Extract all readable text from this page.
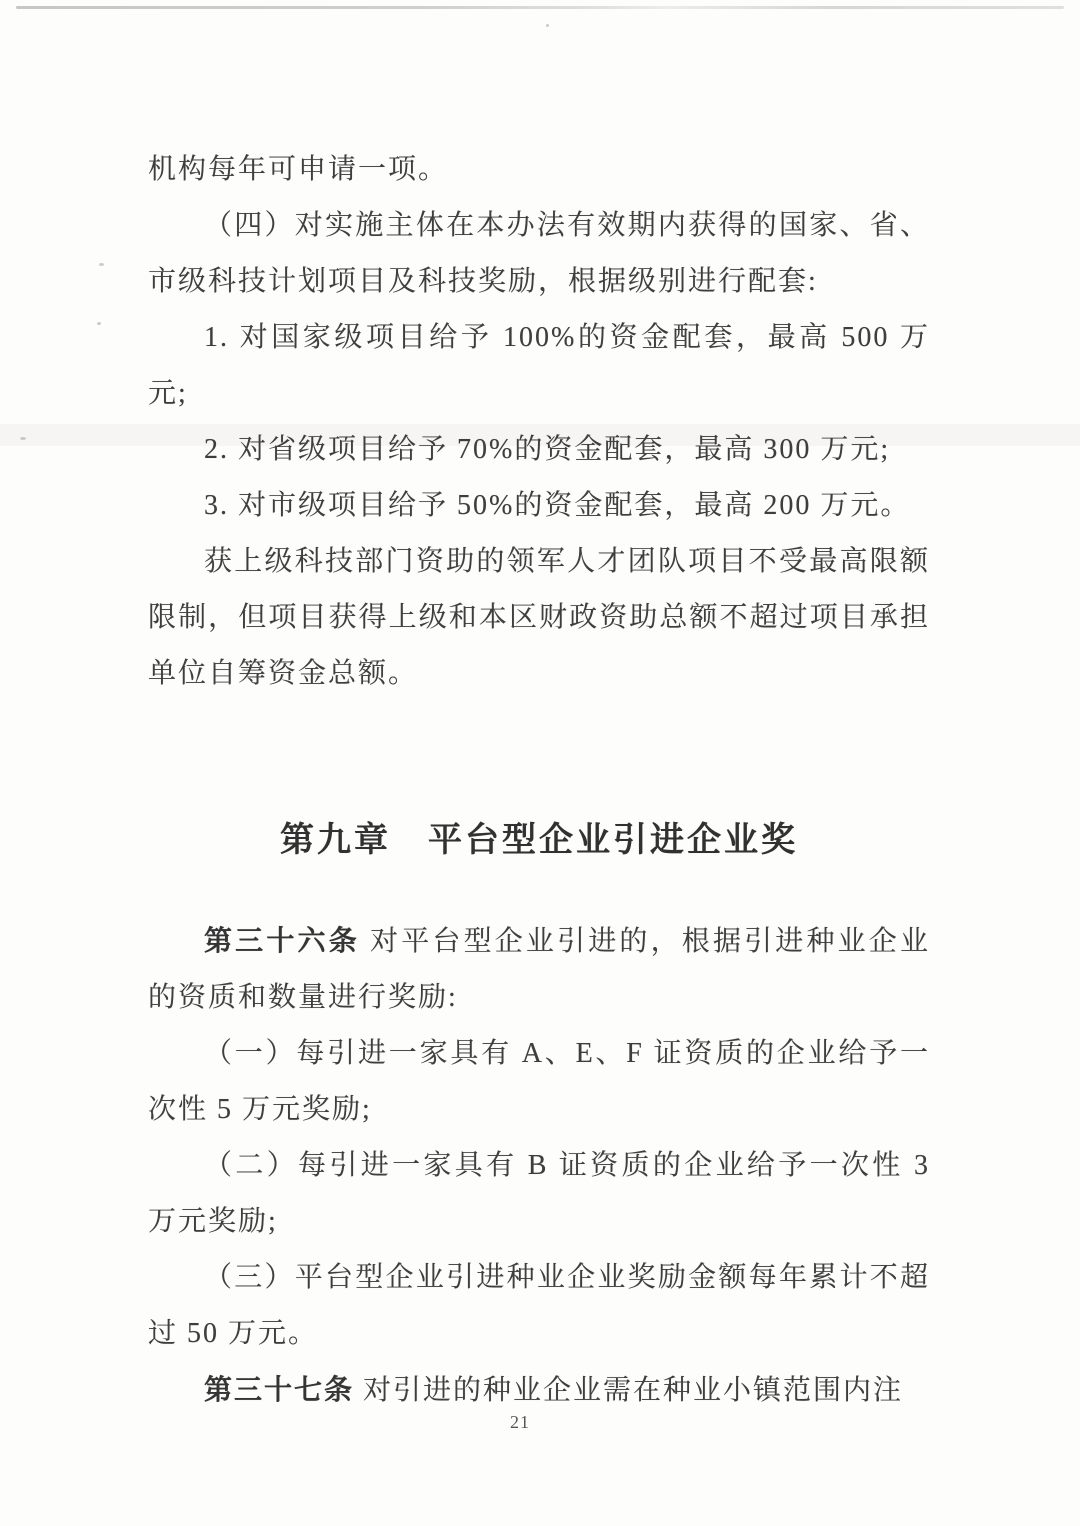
机构每年可申请一项。

（四）对实施主体在本办法有效期内获得的国家、省、市级科技计划项目及科技奖励，根据级别进行配套:

1. 对国家级项目给予 100%的资金配套，最高 500 万元;

2. 对省级项目给予 70%的资金配套，最高 300 万元;

3. 对市级项目给予 50%的资金配套，最高 200 万元。

获上级科技部门资助的领军人才团队项目不受最高限额限制，但项目获得上级和本区财政资助总额不超过项目承担单位自筹资金总额。

第九章　平台型企业引进企业奖

第三十六条 对平台型企业引进的，根据引进种业企业的资质和数量进行奖励:

（一）每引进一家具有 A、E、F 证资质的企业给予一次性 5 万元奖励;

（二）每引进一家具有 B 证资质的企业给予一次性 3 万元奖励;

（三）平台型企业引进种业企业奖励金额每年累计不超过 50 万元。

第三十七条 对引进的种业企业需在种业小镇范围内注

21
